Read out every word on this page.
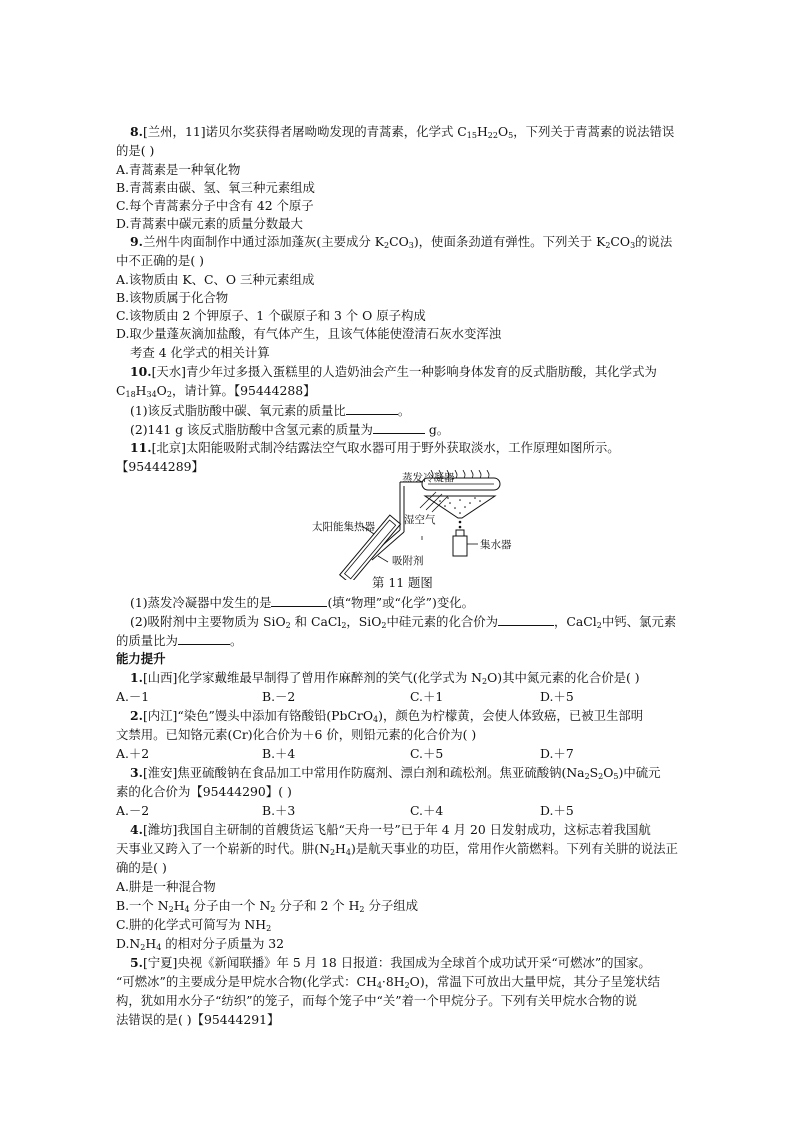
8.[兰州，11]诺贝尔奖获得者屠呦呦发现的青蒿素，化学式 $C_{15}H_{22}O_5$，下列关于青蒿素的说法错误
的是( )
A.青蒿素是一种氧化物
B.青蒿素由碳、氢、氧三种元素组成
C.每个青蒿素分子中含有 42 个原子
D.青蒿素中碳元素的质量分数最大
9.兰州牛肉面制作中通过添加蓬灰(主要成分 $K_2CO_3$)，使面条劲道有弹性。下列关于 $K_2CO_3$的说法
中不正确的是( )
A.该物质由 K、C、O 三种元素组成
B.该物质属于化合物
C.该物质由 2 个钾原子、1 个碳原子和 3 个 O 原子构成
D.取少量蓬灰滴加盐酸，有气体产生，且该气体能使澄清石灰水变浑浊
考查 4 化学式的相关计算
10.[天水]青少年过多摄入蛋糕里的人造奶油会产生一种影响身体发育的反式脂肪酸，其化学式为
$C_{18}H_{34}O_2$，请计算。【95444288】
(1)该反式脂肪酸中碳、氧元素的质量比	。
(2)141 g 该反式脂肪酸中含氢元素的质量为	g。
11.[北京]太阳能吸附式制冷结露法空气取水器可用于野外获取淡水，工作原理如图所示。
【95444289】
蒸发冷凝器
湿空气
集水器
太阳能集热器
吸附剂
第 11 题图
(1)蒸发冷凝器中发生的是	(填“物理”或“化学”)变化。
(2)吸附剂中主要物质为 SiO$_2$ 和 CaCl$_2$，SiO$_2$中硅元素的化合价为	，CaCl$_2$中钙、氯元素
的质量比为	。
能力提升
1.[山西]化学家戴维最早制得了曾用作麻醉剂的笑气(化学式为 $N_2O$)其中氮元素的化合价是( )
A.－1	B.－2	C.＋1	D.＋5
2.[内江]“染色”馒头中添加有铬酸铅(PbCrO$_4$)，颜色为柠檬黄，会使人体致癌，已被卫生部明
文禁用。已知铬元素(Cr)化合价为＋6 价，则铅元素的化合价为( )
A.＋2	B.＋4	C.＋5	D.＋7
3.[淮安]焦亚硫酸钠在食品加工中常用作防腐剂、漂白剂和疏松剂。焦亚硫酸钠$(Na_2S_2O_5)$中硫元
素的化合价为【95444290】( )
A.－2	B.＋3	C.＋4	D.＋5
4.[潍坊]我国自主研制的首艘货运飞船“天舟一号”已于年 4 月 20 日发射成功，这标志着我国航
天事业又跨入了一个崭新的时代。肼$(N_2H_4)$是航天事业的功臣，常用作火箭燃料。下列有关肼的说法正
确的是( )
A.肼是一种混合物
B.一个 $N_2H_4$ 分子由一个 $N_2$ 分子和 2 个 $H_2$ 分子组成
C.肼的化学式可简写为 $NH_2$
$D.N_2H_4$ 的相对分子质量为 32
5.[宁夏]央视《新闻联播》年 5 月 18 日报道：我国成为全球首个成功试开采“可燃冰”的国家。
“可燃冰”的主要成分是甲烷水合物(化学式：$CH_4\cdot 8H_2O$)，常温下可放出大量甲烷，其分子呈笼状结
构，犹如用水分子“纺织”的笼子，而每个笼子中“关”着一个甲烷分子。下列有关甲烷水合物的说
法错误的是( )【95444291】
